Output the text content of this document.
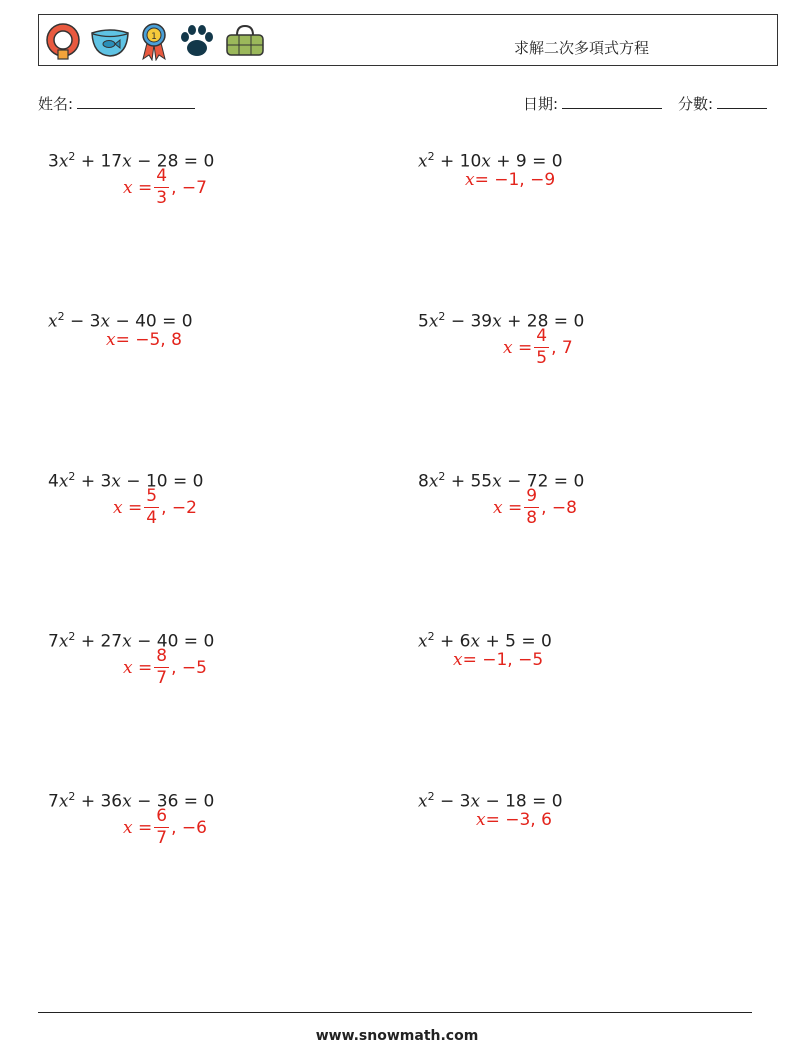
1
求解二次多項式方程
姓名:	日期:	分數:
$3x^2 + 17x - 28 = 0$
$x = \frac{4}{3}$ , −7
$x^2 + 10x + 9 = 0$
x = −1, −9
$x^2 - 3x - 40 = 0$
x = −5, 8
$5x^2 - 39x + 28 = 0$
$x = \frac{4}{5}$ , 7
$4x^2 + 3x - 10 = 0$
$x = \frac{5}{4}$ , −2
$8x^2 + 55x - 72 = 0$
$x = \frac{9}{8}$ , −8
$7x^2 + 27x - 40 = 0$
$x = \frac{8}{7}$ , −5
$x^2 + 6x + 5 = 0$
x = −1, −5
$7x^2 + 36x - 36 = 0$
$x = \frac{6}{7}$ , −6
$x^2 - 3x - 18 = 0$
x = −3, 6
www.snowmath.com
